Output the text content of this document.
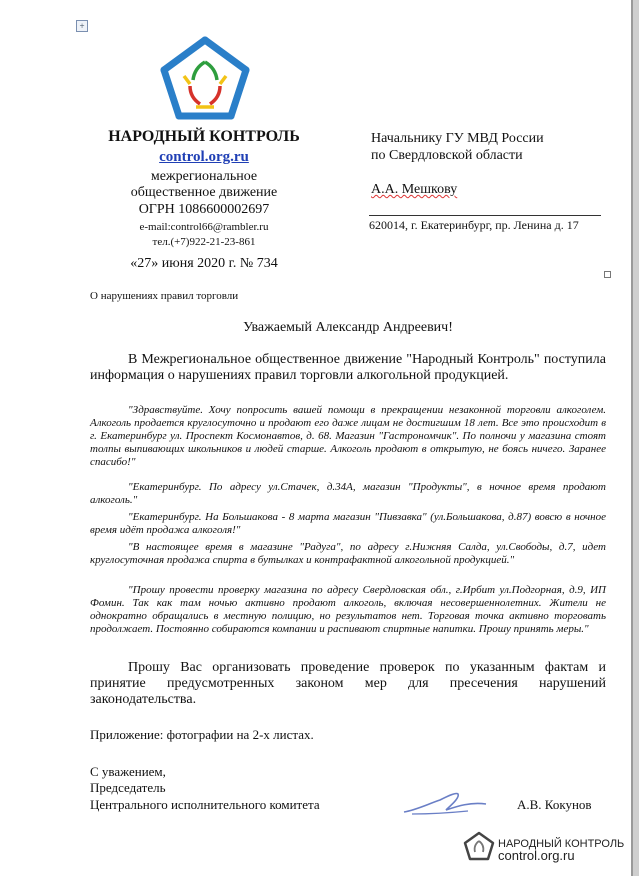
+
НАРОДНЫЙ КОНТРОЛЬ
control.org.ru
межрегиональное
общественное движение
ОГРН 1086600002697
e-mail:control66@rambler.ru
тел.(+7)922-21-23-861
«27» июня 2020 г. № 734
Начальнику ГУ МВД России
по Свердловской области
А.А. Мешкову
620014, г. Екатеринбург, пр. Ленина д. 17
О нарушениях правил торговли
Уважаемый Александр Андреевич!
В Межрегиональное общественное движение "Народный Контроль" поступила информация о нарушениях правил торговли алкогольной продукцией.
"Здравствуйте. Хочу попросить вашей помощи в прекращении незаконной торговли алкоголем. Алкоголь продается круглосуточно и продают его даже лицам не достигшим 18 лет. Все это происходит в г. Екатеринбург ул. Проспект Космонавтов, д. 68. Магазин "Гастрономчик". По полночи у магазина стоят толпы выпивающих школьников и людей старше. Алкоголь продают в открытую, не боясь ничего. Заранее спасибо!"
"Екатеринбург. По адресу ул.Стачек, д.34А, магазин "Продукты", в ночное время продают алкоголь."
"Екатеринбург. На Большакова - 8 марта магазин "Пивзавка" (ул.Большакова, д.87) вовсю в ночное время идёт продажа алкоголя!"
"В настоящее время в магазине "Радуга", по адресу г.Нижняя Салда, ул.Свободы, д.7, идет круглосуточная продажа спирта в бутылках и контрафактной алкогольной продукцией."
"Прошу провести проверку магазина по адресу Свердловская обл., г.Ирбит ул.Подгорная, д.9, ИП Фомин. Так как там ночью активно продают алкоголь, включая несовершеннолетних. Жители не однократно обращались в местную полицию, но результатов нет. Торговая точка активно торговать продолжает. Постоянно собираются компании и распивают спиртные напитки. Прошу принять меры."
Прошу Вас организовать проведение проверок по указанным фактам и принятие предусмотренных законом мер для пресечения нарушений законодательства.
Приложение: фотографии на 2-х листах.
С уважением,
Председатель
Центрального исполнительного комитета	А.В. Кокунов
НАРОДНЫЙ КОНТРОЛЬ
control.org.ru
